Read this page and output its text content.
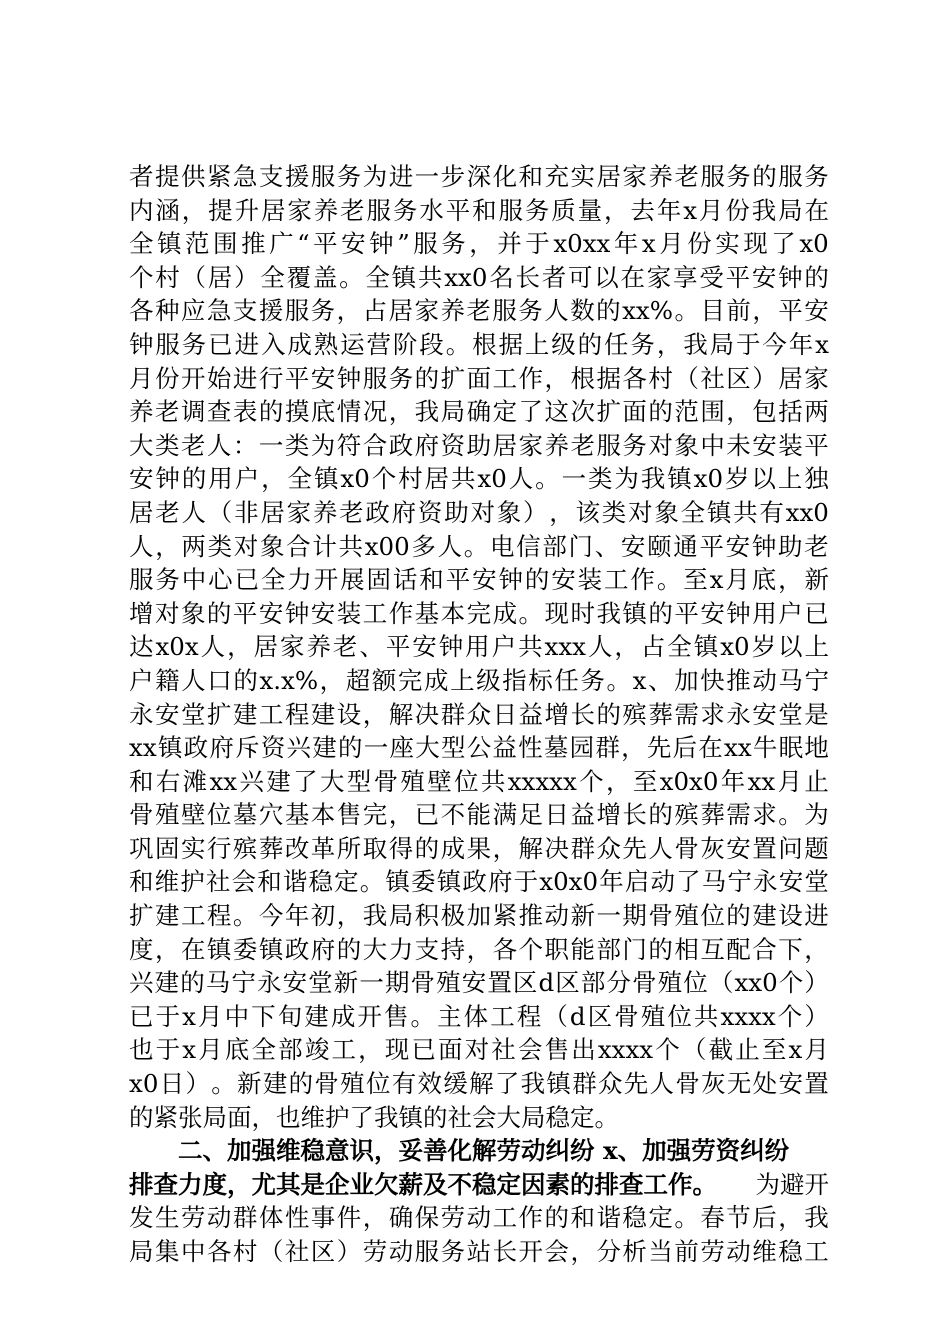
者 提 供 紧 急 支 援 服 务 为 进 一 步 深 化 和 充 实 居 家 养 老 服 务 的 服 务
内 涵 ， 提 升 居 家 养 老 服 务 水 平 和 服 务 质 量 ， 去 年 x 月 份 我 局 在
全 镇 范 围 推 广 “ 平 安 钟 ” 服 务 ， 并 于 x0xx 年 x 月 份 实 现 了 x0
个 村 （ 居 ） 全 覆 盖 。 全 镇 共 xx0 名 长 者 可 以 在 家 享 受 平 安 钟 的
各 种 应 急 支 援 服 务 ， 占 居 家 养 老 服 务 人 数 的 xx% 。 目 前 ， 平 安
钟 服 务 已 进 入 成 熟 运 营 阶 段 。 根 据 上 级 的 任 务 ， 我 局 于 今 年 x
月 份 开 始 进 行 平 安 钟 服 务 的 扩 面 工 作 ， 根 据 各 村 （ 社 区 ） 居 家
养 老 调 查 表 的 摸 底 情 况 ， 我 局 确 定 了 这 次 扩 面 的 范 围 ， 包 括 两
大 类 老 人 ： 一 类 为 符 合 政 府 资 助 居 家 养 老 服 务 对 象 中 未 安 装 平
安 钟 的 用 户 ， 全 镇 x0 个 村 居 共 x0 人 。 一 类 为 我 镇 x0 岁 以 上 独
居 老 人 （ 非 居 家 养 老 政 府 资 助 对 象 ） ， 该 类 对 象 全 镇 共 有 xx0
人 ， 两 类 对 象 合 计 共 x00 多 人 。 电 信 部 门 、 安 颐 通 平 安 钟 助 老
服 务 中 心 已 全 力 开 展 固 话 和 平 安 钟 的 安 装 工 作 。 至 x 月 底 ， 新
增 对 象 的 平 安 钟 安 装 工 作 基 本 完 成 。 现 时 我 镇 的 平 安 钟 用 户 已
达 x0x 人 ， 居 家 养 老 、 平 安 钟 用 户 共 xxx 人 ， 占 全 镇 x0 岁 以 上
户 籍 人 口 的 x.x% ， 超 额 完 成 上 级 指 标 任 务 。 x 、 加 快 推 动 马 宁
永 安 堂 扩 建 工 程 建 设 ， 解 决 群 众 日 益 增 长 的 殡 葬 需 求 永 安 堂 是
xx 镇 政 府 斥 资 兴 建 的 一 座 大 型 公 益 性 墓 园 群 ， 先 后 在 xx 牛 眠 地
和 右 滩 xx 兴 建 了 大 型 骨 殖 壁 位 共 xxxxx 个 ， 至 x0x0 年 xx 月 止
骨 殖 壁 位 墓 穴 基 本 售 完 ， 已 不 能 满 足 日 益 增 长 的 殡 葬 需 求 。 为
巩 固 实 行 殡 葬 改 革 所 取 得 的 成 果 ， 解 决 群 众 先 人 骨 灰 安 置 问 题
和 维 护 社 会 和 谐 稳 定 。 镇 委 镇 政 府 于 x0x0 年 启 动 了 马 宁 永 安 堂
扩 建 工 程 。 今 年 初 ， 我 局 积 极 加 紧 推 动 新 一 期 骨 殖 位 的 建 设 进
度 ， 在 镇 委 镇 政 府 的 大 力 支 持 ， 各 个 职 能 部 门 的 相 互 配 合 下 ，
兴 建 的 马 宁 永 安 堂 新 一 期 骨 殖 安 置 区 d 区 部 分 骨 殖 位 （ xx0 个 ）
已 于 x 月 中 下 旬 建 成 开 售 。 主 体 工 程 （ d 区 骨 殖 位 共 xxxx 个 ）
也 于 x 月 底 全 部 竣 工 ， 现 已 面 对 社 会 售 出 xxxx 个 （ 截 止 至 x 月
x0 日 ） 。 新 建 的 骨 殖 位 有 效 缓 解 了 我 镇 群 众 先 人 骨 灰 无 处 安 置
的紧张局面，也维护了我镇的社会大局稳定。
二、加强维稳意识，妥善化解劳动纠纷 x、加强劳资纠纷
排查力度，尤其是企业欠薪及不稳定因素的排查工作。 为避开
发 生 劳 动 群 体 性 事 件 ， 确 保 劳 动 工 作 的 和 谐 稳 定 。 春 节 后 ， 我
局 集 中 各 村 （ 社 区 ） 劳 动 服 务 站 长 开 会 ， 分 析 当 前 劳 动 维 稳 工
